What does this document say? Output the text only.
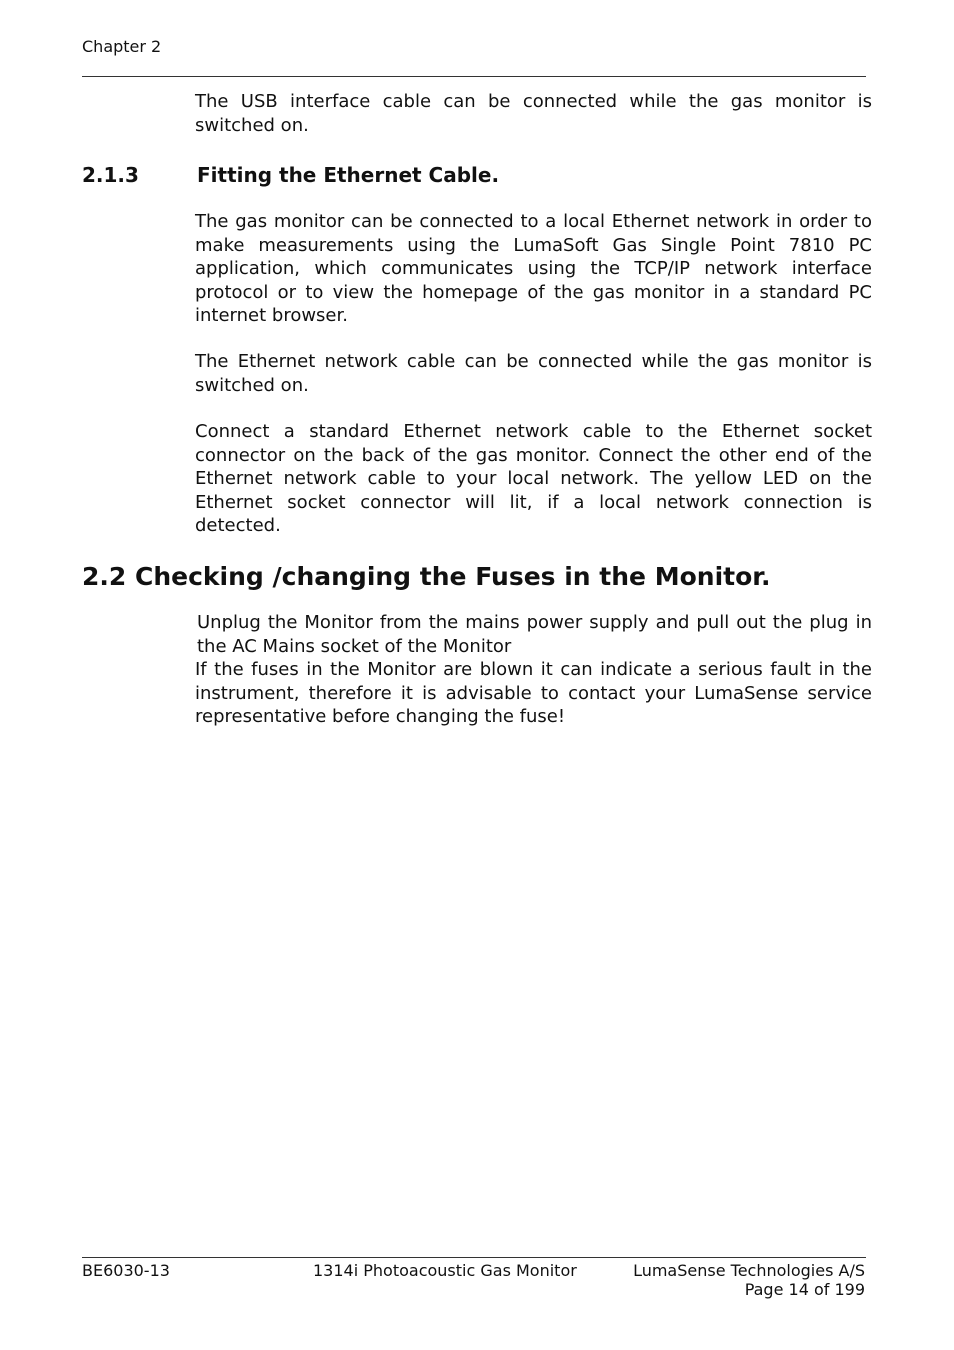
Chapter 2
The USB interface cable can be connected while the gas monitor is switched on.
2.1.3	Fitting the Ethernet Cable.
The gas monitor can be connected to a local Ethernet network in order to make measurements using the LumaSoft Gas Single Point 7810 PC application, which communicates using the TCP/IP network interface protocol or to view the homepage of the gas monitor in a standard PC internet browser.
The Ethernet network cable can be connected while the gas monitor is switched on.
Connect a standard Ethernet network cable to the Ethernet socket connector on the back of the gas monitor. Connect the other end of the Ethernet network cable to your local network. The yellow LED on the Ethernet socket connector will lit, if a local network connection is detected.
2.2 Checking /changing the Fuses in the Monitor.
Unplug the Monitor from the mains power supply and pull out the plug in the AC Mains socket of the Monitor
If the fuses in the Monitor are blown it can indicate a serious fault in the instrument, therefore it is advisable to contact your LumaSense service representative before changing the fuse!
BE6030-13	1314i Photoacoustic Gas Monitor	LumaSense Technologies A/S
Page 14 of 199
